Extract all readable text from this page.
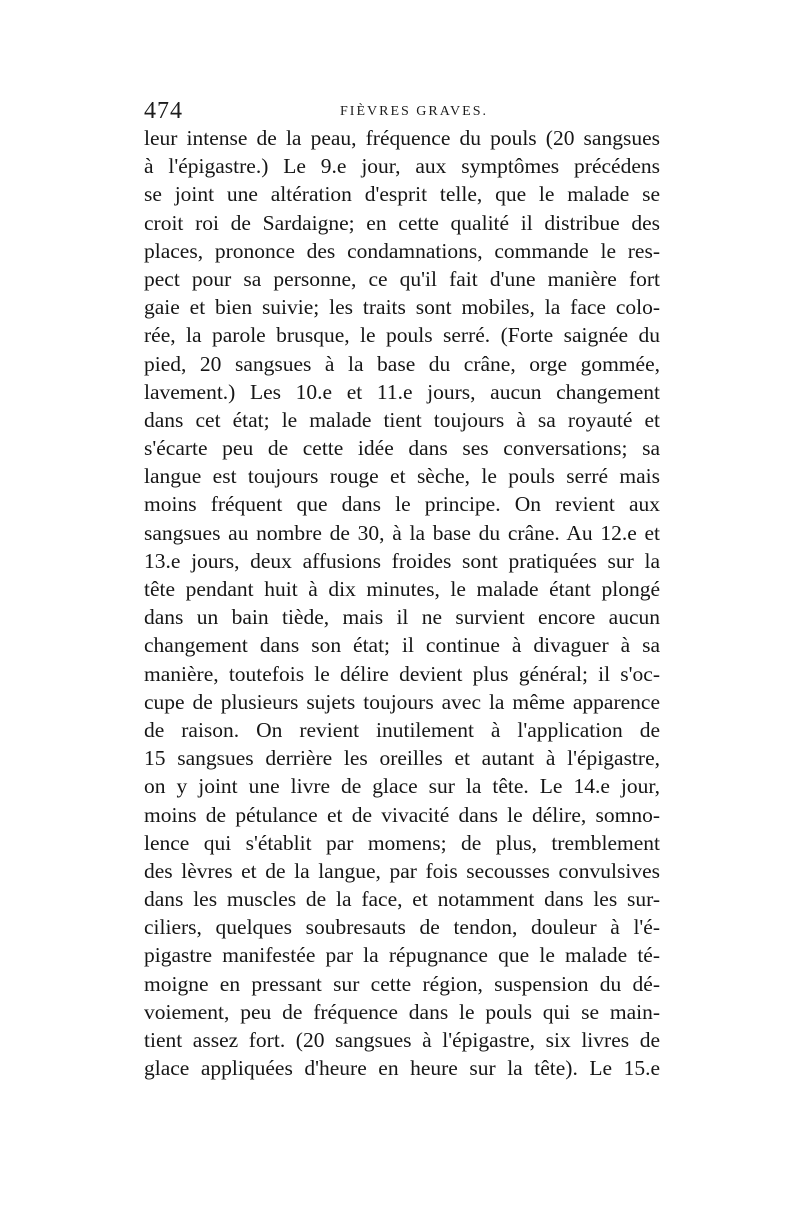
474	FIÈVRES GRAVES.
leur intense de la peau, fréquence du pouls (20 sangsues
à l'épigastre.) Le 9.e jour, aux symptômes précédens
se joint une altération d'esprit telle, que le malade se
croit roi de Sardaigne; en cette qualité il distribue des
places, prononce des condamnations, commande le res-
pect pour sa personne, ce qu'il fait d'une manière fort
gaie et bien suivie; les traits sont mobiles, la face colo-
rée, la parole brusque, le pouls serré. (Forte saignée du
pied, 20 sangsues à la base du crâne, orge gommée,
lavement.) Les 10.e et 11.e jours, aucun changement
dans cet état; le malade tient toujours à sa royauté et
s'écarte peu de cette idée dans ses conversations; sa
langue est toujours rouge et sèche, le pouls serré mais
moins fréquent que dans le principe. On revient aux
sangsues au nombre de 30, à la base du crâne. Au 12.e et
13.e jours, deux affusions froides sont pratiquées sur la
tête pendant huit à dix minutes, le malade étant plongé
dans un bain tiède, mais il ne survient encore aucun
changement dans son état; il continue à divaguer à sa
manière, toutefois le délire devient plus général; il s'oc-
cupe de plusieurs sujets toujours avec la même apparence
de raison. On revient inutilement à l'application de
15 sangsues derrière les oreilles et autant à l'épigastre,
on y joint une livre de glace sur la tête. Le 14.e jour,
moins de pétulance et de vivacité dans le délire, somno-
lence qui s'établit par momens; de plus, tremblement
des lèvres et de la langue, par fois secousses convulsives
dans les muscles de la face, et notamment dans les sur-
ciliers, quelques soubresauts de tendon, douleur à l'é-
pigastre manifestée par la répugnance que le malade té-
moigne en pressant sur cette région, suspension du dé-
voiement, peu de fréquence dans le pouls qui se main-
tient assez fort. (20 sangsues à l'épigastre, six livres de
glace appliquées d'heure en heure sur la tête). Le 15.e
